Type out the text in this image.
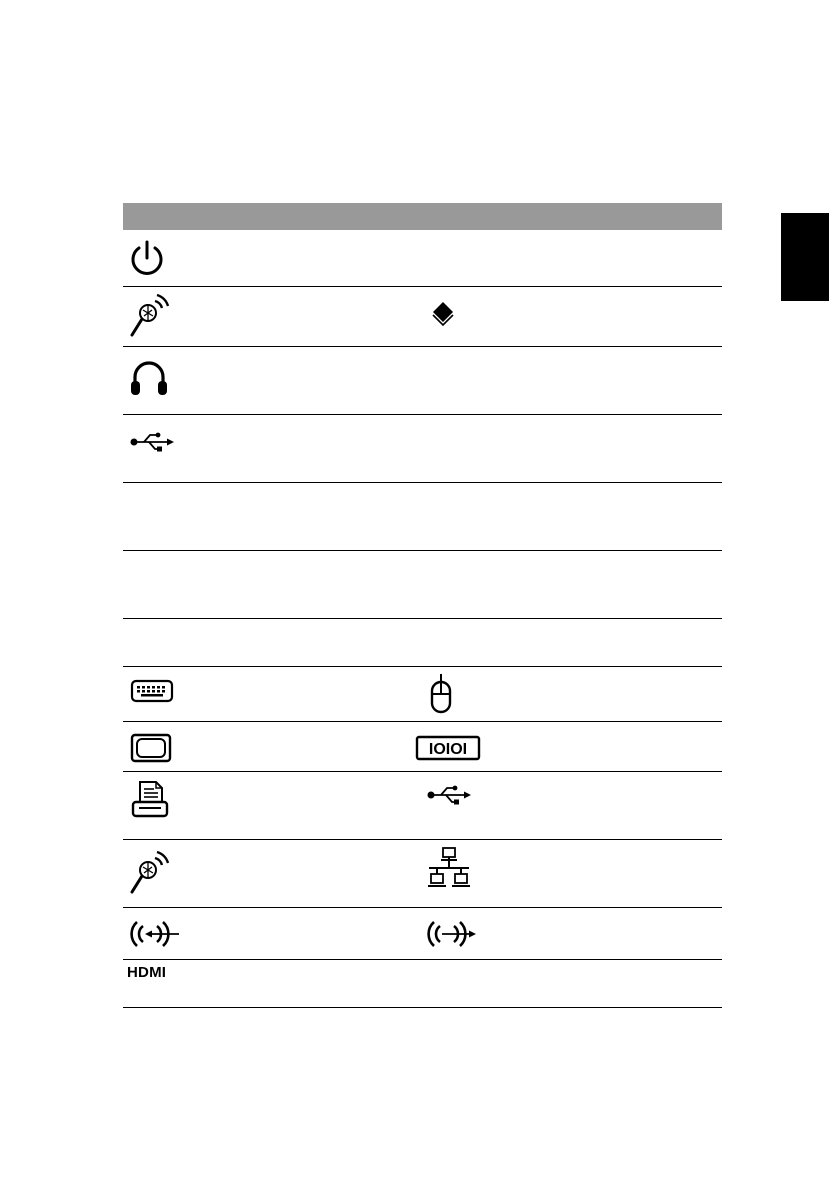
IOIOI
HDMI
